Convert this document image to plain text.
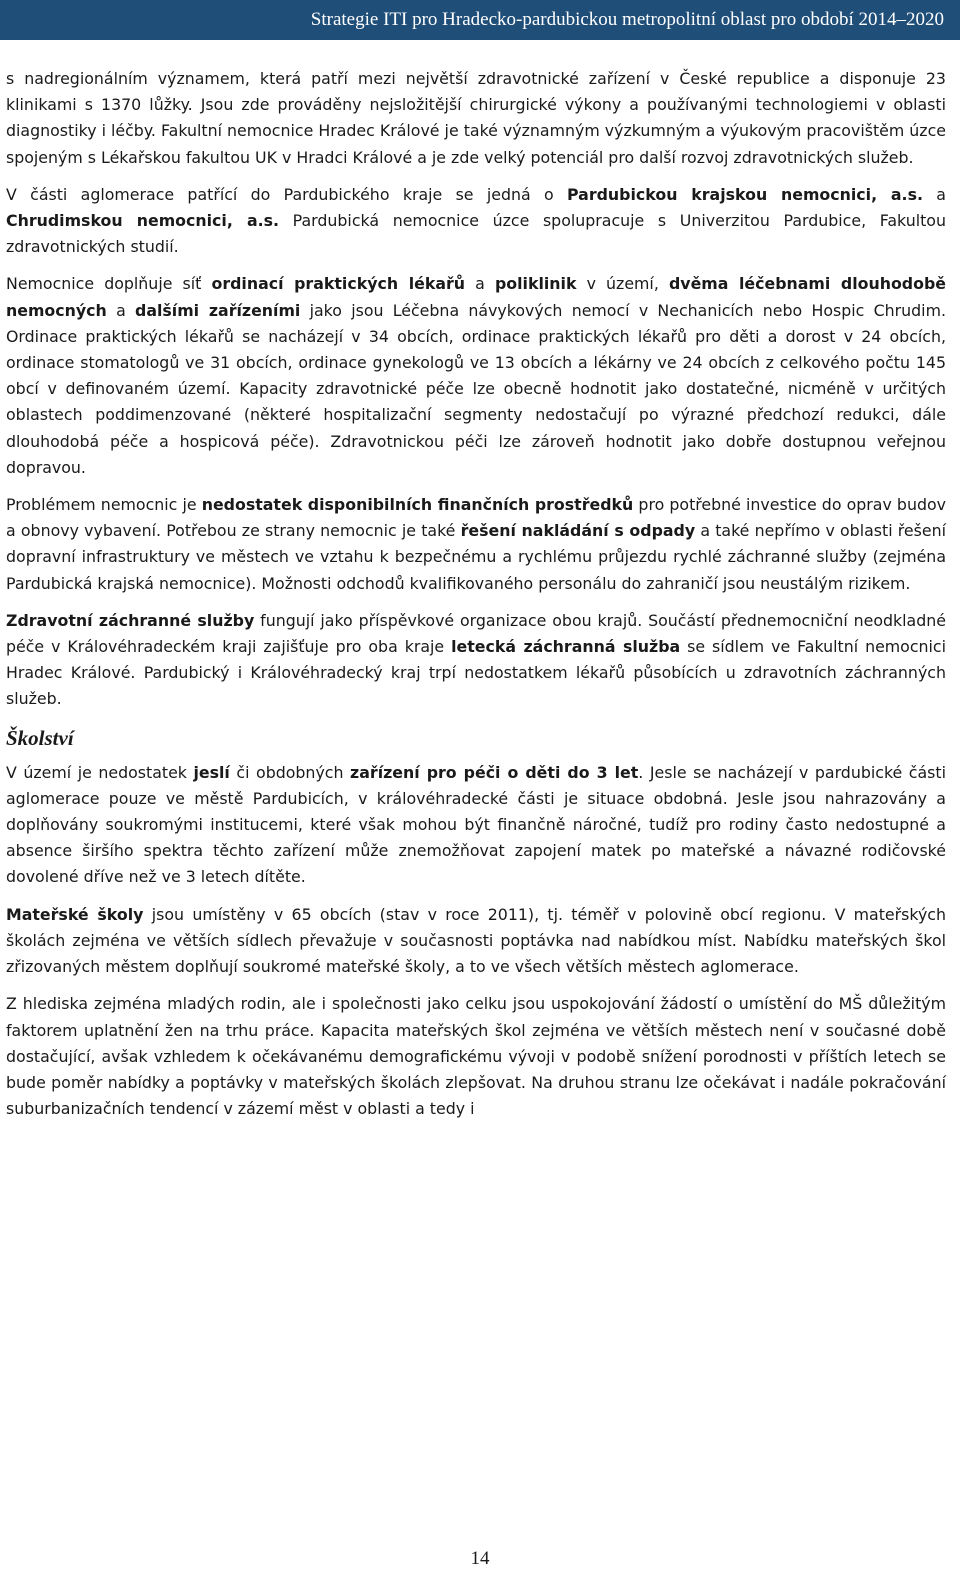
Strategie ITI pro Hradecko-pardubickou metropolitní oblast pro období 2014–2020

s nadregionálním významem, která patří mezi největší zdravotnické zařízení v České republice a disponuje 23 klinikami s 1370 lůžky. Jsou zde prováděny nejsložitější chirurgické výkony a používanými technologiemi v oblasti diagnostiky i léčby. Fakultní nemocnice Hradec Králové je také významným výzkumným a výukovým pracovištěm úzce spojeným s Lékařskou fakultou UK v Hradci Králové a je zde velký potenciál pro další rozvoj zdravotnických služeb.

V části aglomerace patřící do Pardubického kraje se jedná o Pardubickou krajskou nemocnici, a.s. a Chrudimskou nemocnici, a.s. Pardubická nemocnice úzce spolupracuje s Univerzitou Pardubice, Fakultou zdravotnických studií.

Nemocnice doplňuje síť ordinací praktických lékařů a poliklinik v území, dvěma léčebnami dlouhodobě nemocných a dalšími zařízeními jako jsou Léčebna návykových nemocí v Nechanicích nebo Hospic Chrudim. Ordinace praktických lékařů se nacházejí v 34 obcích, ordinace praktických lékařů pro děti a dorost v 24 obcích, ordinace stomatologů ve 31 obcích, ordinace gynekologů ve 13 obcích a lékárny ve 24 obcích z celkového počtu 145 obcí v definovaném území. Kapacity zdravotnické péče lze obecně hodnotit jako dostatečné, nicméně v určitých oblastech poddimenzované (některé hospitalizační segmenty nedostačují po výrazné předchozí redukci, dále dlouhodobá péče a hospicová péče). Zdravotnickou péči lze zároveň hodnotit jako dobře dostupnou veřejnou dopravou.

Problémem nemocnic je nedostatek disponibilních finančních prostředků pro potřebné investice do oprav budov a obnovy vybavení. Potřebou ze strany nemocnic je také řešení nakládání s odpady a také nepřímo v oblasti řešení dopravní infrastruktury ve městech ve vztahu k bezpečnému a rychlému průjezdu rychlé záchranné služby (zejména Pardubická krajská nemocnice). Možnosti odchodů kvalifikovaného personálu do zahraničí jsou neustálým rizikem.

Zdravotní záchranné služby fungují jako příspěvkové organizace obou krajů. Součástí přednemocniční neodkladné péče v Královéhradeckém kraji zajišťuje pro oba kraje letecká záchranná služba se sídlem ve Fakultní nemocnici Hradec Králové. Pardubický i Královéhradecký kraj trpí nedostatkem lékařů působících u zdravotních záchranných služeb.

Školství

V území je nedostatek jeslí či obdobných zařízení pro péči o děti do 3 let. Jesle se nacházejí v pardubické části aglomerace pouze ve městě Pardubicích, v královéhradecké části je situace obdobná. Jesle jsou nahrazovány a doplňovány soukromými institucemi, které však mohou být finančně náročné, tudíž pro rodiny často nedostupné a absence širšího spektra těchto zařízení může znemožňovat zapojení matek po mateřské a návazné rodičovské dovolené dříve než ve 3 letech dítěte.

Mateřské školy jsou umístěny v 65 obcích (stav v roce 2011), tj. téměř v polovině obcí regionu. V mateřských školách zejména ve větších sídlech převažuje v současnosti poptávka nad nabídkou míst. Nabídku mateřských škol zřizovaných městem doplňují soukromé mateřské školy, a to ve všech větších městech aglomerace.

Z hlediska zejména mladých rodin, ale i společnosti jako celku jsou uspokojování žádostí o umístění do MŠ důležitým faktorem uplatnění žen na trhu práce. Kapacita mateřských škol zejména ve větších městech není v současné době dostačující, avšak vzhledem k očekávanému demografickému vývoji v podobě snížení porodnosti v příštích letech se bude poměr nabídky a poptávky v mateřských školách zlepšovat. Na druhou stranu lze očekávat i nadále pokračování suburbanizačních tendencí v zázemí měst v oblasti a tedy i

14
